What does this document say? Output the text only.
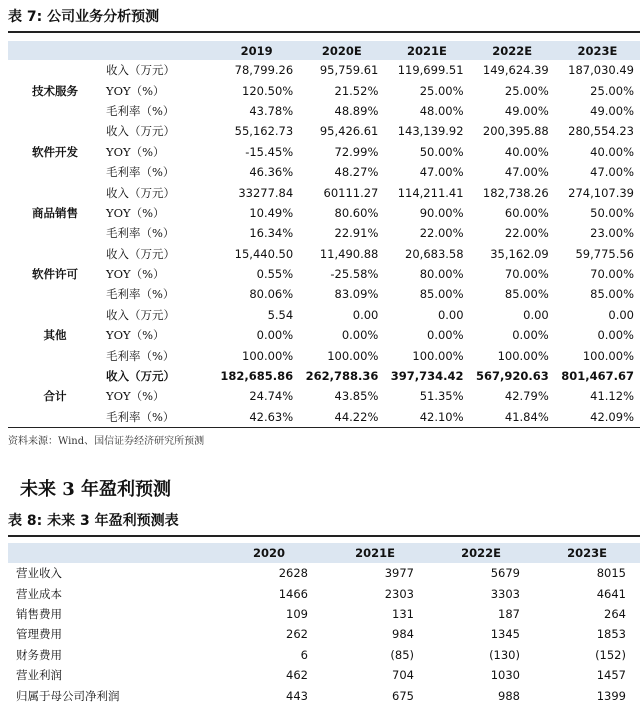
表 7: 公司业务分析预测
		2019	2020E	2021E	2022E	2023E
技术服务	收入（万元）	78,799.26	95,759.61	119,699.51	149,624.39	187,030.49
	YOY（%）	120.50%	21.52%	25.00%	25.00%	25.00%
	毛利率（%）	43.78%	48.89%	48.00%	49.00%	49.00%
软件开发	收入（万元）	55,162.73	95,426.61	143,139.92	200,395.88	280,554.23
	YOY（%）	-15.45%	72.99%	50.00%	40.00%	40.00%
	毛利率（%）	46.36%	48.27%	47.00%	47.00%	47.00%
商品销售	收入（万元）	33277.84	60111.27	114,211.41	182,738.26	274,107.39
	YOY（%）	10.49%	80.60%	90.00%	60.00%	50.00%
	毛利率（%）	16.34%	22.91%	22.00%	22.00%	23.00%
软件许可	收入（万元）	15,440.50	11,490.88	20,683.58	35,162.09	59,775.56
	YOY（%）	0.55%	-25.58%	80.00%	70.00%	70.00%
	毛利率（%）	80.06%	83.09%	85.00%	85.00%	85.00%
其他	收入（万元）	5.54	0.00	0.00	0.00	0.00
	YOY（%）	0.00%	0.00%	0.00%	0.00%	0.00%
	毛利率（%）	100.00%	100.00%	100.00%	100.00%	100.00%
合计	收入（万元）	182,685.86	262,788.36	397,734.42	567,920.63	801,467.67
	YOY（%）	24.74%	43.85%	51.35%	42.79%	41.12%
	毛利率（%）	42.63%	44.22%	42.10%	41.84%	42.09%
资料来源：Wind、国信证券经济研究所预测
未来 3 年盈利预测
表 8: 未来 3 年盈利预测表
	2020	2021E	2022E	2023E
营业收入	2628	3977	5679	8015
营业成本	1466	2303	3303	4641
销售费用	109	131	187	264
管理费用	262	984	1345	1853
财务费用	6	(85)	(130)	(152)
营业利润	462	704	1030	1457
归属于母公司净利润	443	675	988	1399
